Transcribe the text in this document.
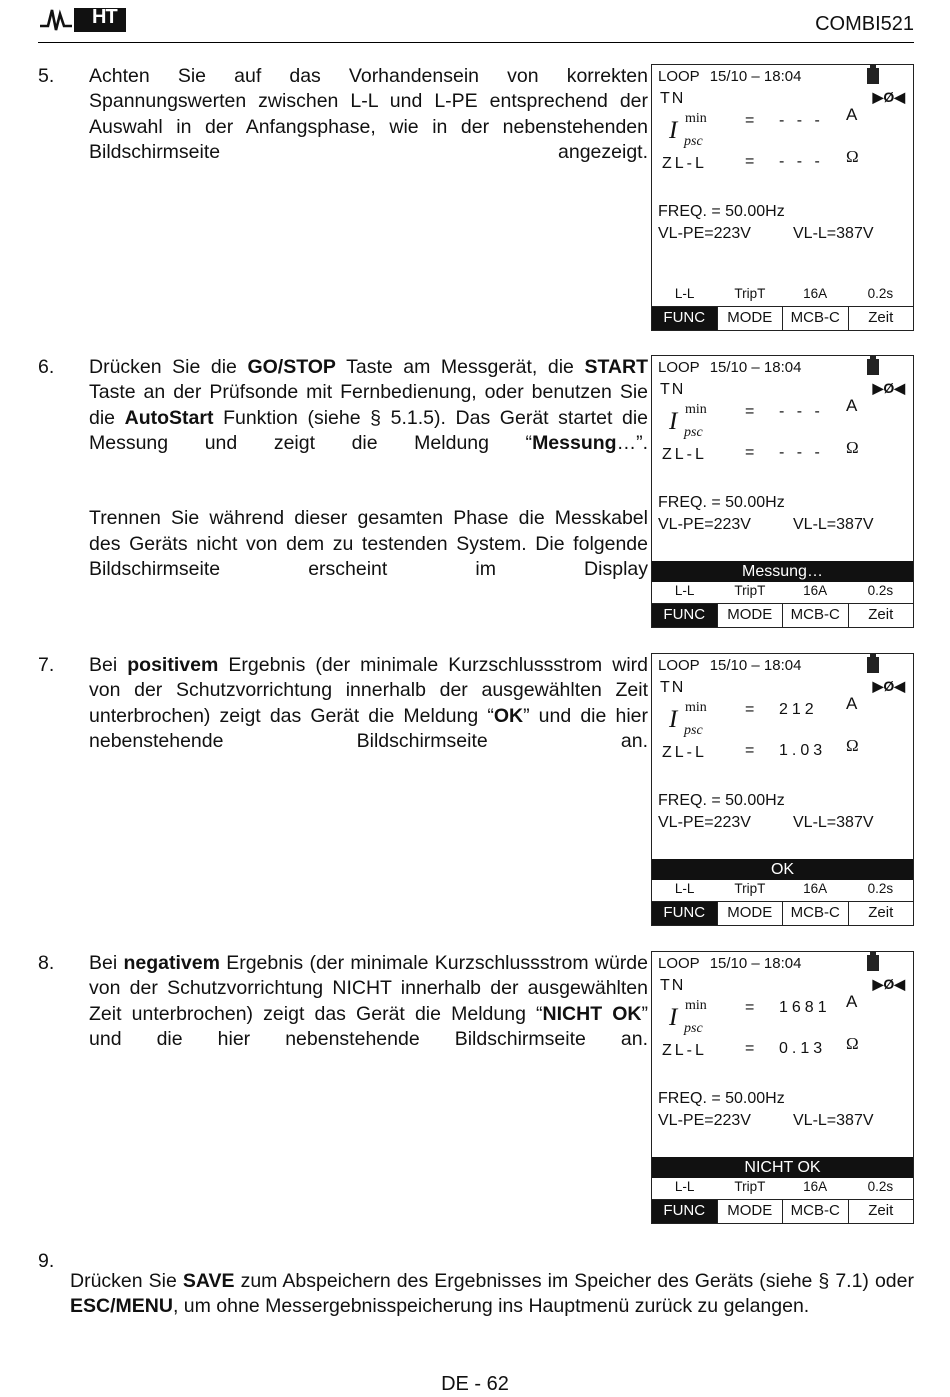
HT	COMBI521
5. Achten Sie auf das Vorhandensein von korrekten Spannungswerten zwischen L-L und L-PE entsprechend der Auswahl in der Anfangsphase, wie in der nebenstehenden Bildschirmseite angezeigt.

6. Drücken Sie die GO/STOP Taste am Messgerät, die START Taste an der Prüfsonde mit Fernbedienung, oder benutzen Sie die AutoStart Funktion (siehe § 5.1.5). Das Gerät startet die Messung und zeigt die Meldung “Messung…”.

Trennen Sie während dieser gesamten Phase die Messkabel des Geräts nicht von dem zu testenden System. Die folgende Bildschirmseite erscheint im Display

7. Bei positivem Ergebnis (der minimale Kurzschlussstrom wird von der Schutzvorrichtung innerhalb der ausgewählten Zeit unterbrochen) zeigt das Gerät die Meldung “OK” und die hier nebenstehende Bildschirmseite an.

8. Bei negativem Ergebnis (der minimale Kurzschlussstrom würde von der Schutzvorrichtung NICHT innerhalb der ausgewählten Zeit unterbrochen) zeigt das Gerät die Meldung “NICHT OK” und die hier nebenstehende Bildschirmseite an.

9.

Drücken Sie SAVE zum Abspeichern des Ergebnisses im Speicher des Geräts (siehe § 7.1) oder ESC/MENU, um ohne Messergebnisspeicherung ins Hauptmenü zurück zu gelangen.

LOOP 15/10 – 18:04
TN	▶Ø◀
I min
psc
= - - - A
ZL-L = - - - Ω
FREQ. = 50.00Hz
VL-PE=223V	VL-L=387V
L-L	TripT	16A	0.2s
FUNC	MODE	MCB-C	Zeit
LOOP 15/10 – 18:04
TN	▶Ø◀
I min
psc
= - - - A
ZL-L = - - - Ω
FREQ. = 50.00Hz
VL-PE=223V	VL-L=387V
Messung…
L-L	TripT	16A	0.2s
FUNC	MODE	MCB-C	Zeit
LOOP 15/10 – 18:04
TN	▶Ø◀
I min
psc
= 212 A
ZL-L = 1.03 Ω
FREQ. = 50.00Hz
VL-PE=223V	VL-L=387V
OK
L-L	TripT	16A	0.2s
FUNC	MODE	MCB-C	Zeit
LOOP 15/10 – 18:04
TN	▶Ø◀
I min
psc
= 1681 A
ZL-L = 0.13 Ω
FREQ. = 50.00Hz
VL-PE=223V	VL-L=387V
NICHT OK
L-L	TripT	16A	0.2s
FUNC	MODE	MCB-C	Zeit
DE - 62
